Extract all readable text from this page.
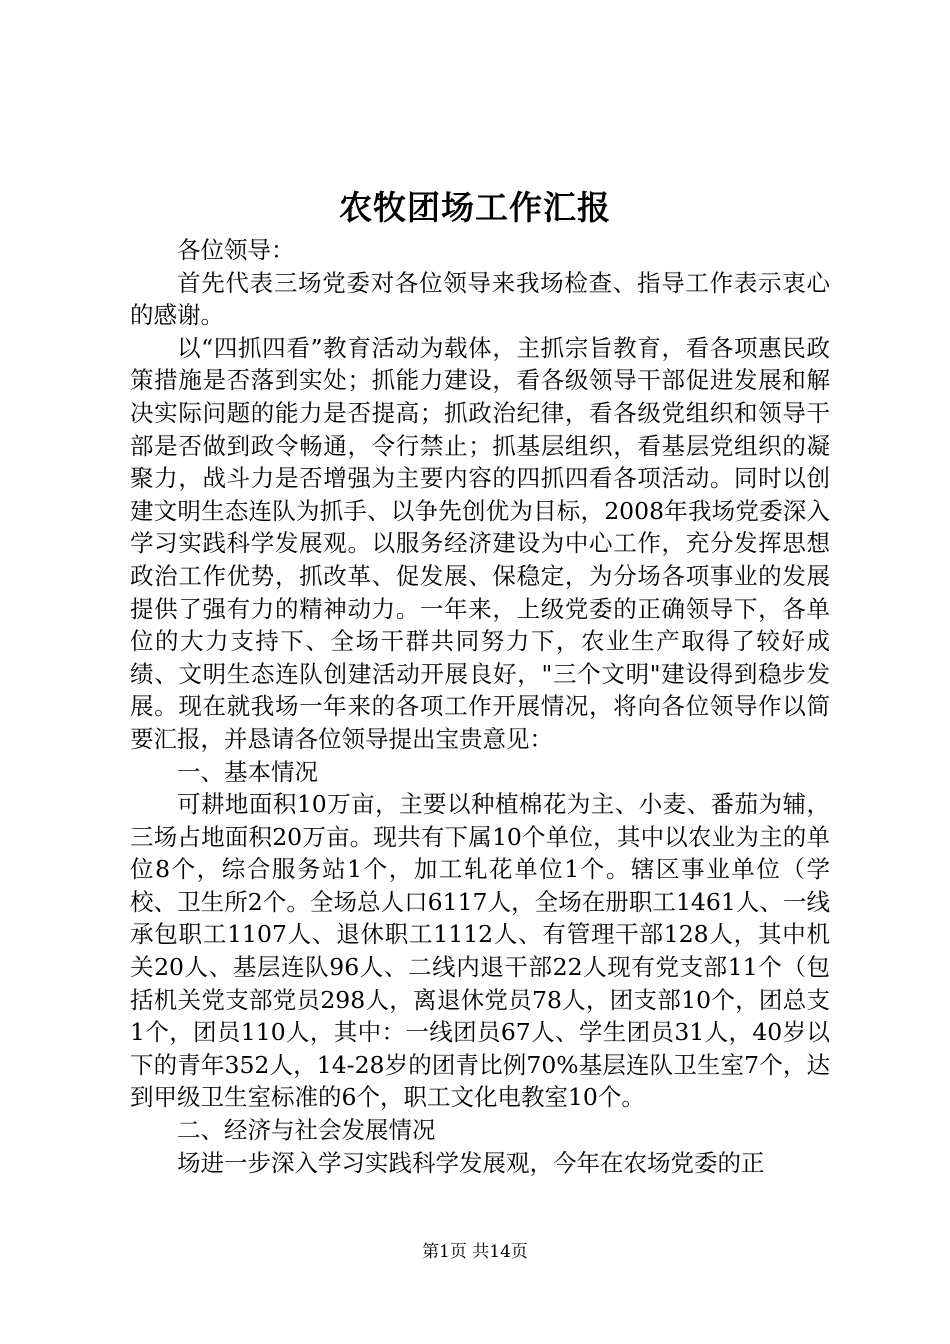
农牧团场工作汇报

各位领导：

首先代表三场党委对各位领导来我场检查、指导工作表示衷心的感谢。

以“四抓四看”教育活动为载体，主抓宗旨教育，看各项惠民政策措施是否落到实处；抓能力建设，看各级领导干部促进发展和解决实际问题的能力是否提高；抓政治纪律，看各级党组织和领导干部是否做到政令畅通，令行禁止；抓基层组织，看基层党组织的凝聚力，战斗力是否增强为主要内容的四抓四看各项活动。同时以创建文明生态连队为抓手、以争先创优为目标，2008年我场党委深入学习实践科学发展观。以服务经济建设为中心工作，充分发挥思想政治工作优势，抓改革、促发展、保稳定，为分场各项事业的发展提供了强有力的精神动力。一年来，上级党委的正确领导下，各单位的大力支持下、全场干群共同努力下，农业生产取得了较好成绩、文明生态连队创建活动开展良好，"三个文明"建设得到稳步发展。现在就我场一年来的各项工作开展情况，将向各位领导作以简要汇报，并恳请各位领导提出宝贵意见：

一、基本情况

可耕地面积10万亩，主要以种植棉花为主、小麦、番茄为辅，三场占地面积20万亩。现共有下属10个单位，其中以农业为主的单位8个，综合服务站1个，加工轧花单位1个。辖区事业单位（学校、卫生所2个。全场总人口6117人，全场在册职工1461人、一线承包职工1107人、退休职工1112人、有管理干部128人，其中机关20人、基层连队96人、二线内退干部22人现有党支部11个（包括机关党支部党员298人，离退休党员78人，团支部10个，团总支1个，团员110人，其中：一线团员67人、学生团员31人，40岁以下的青年352人，14-28岁的团青比例70%基层连队卫生室7个，达到甲级卫生室标准的6个，职工文化电教室10个。

二、经济与社会发展情况

场进一步深入学习实践科学发展观，今年在农场党委的正

第1页 共14页
